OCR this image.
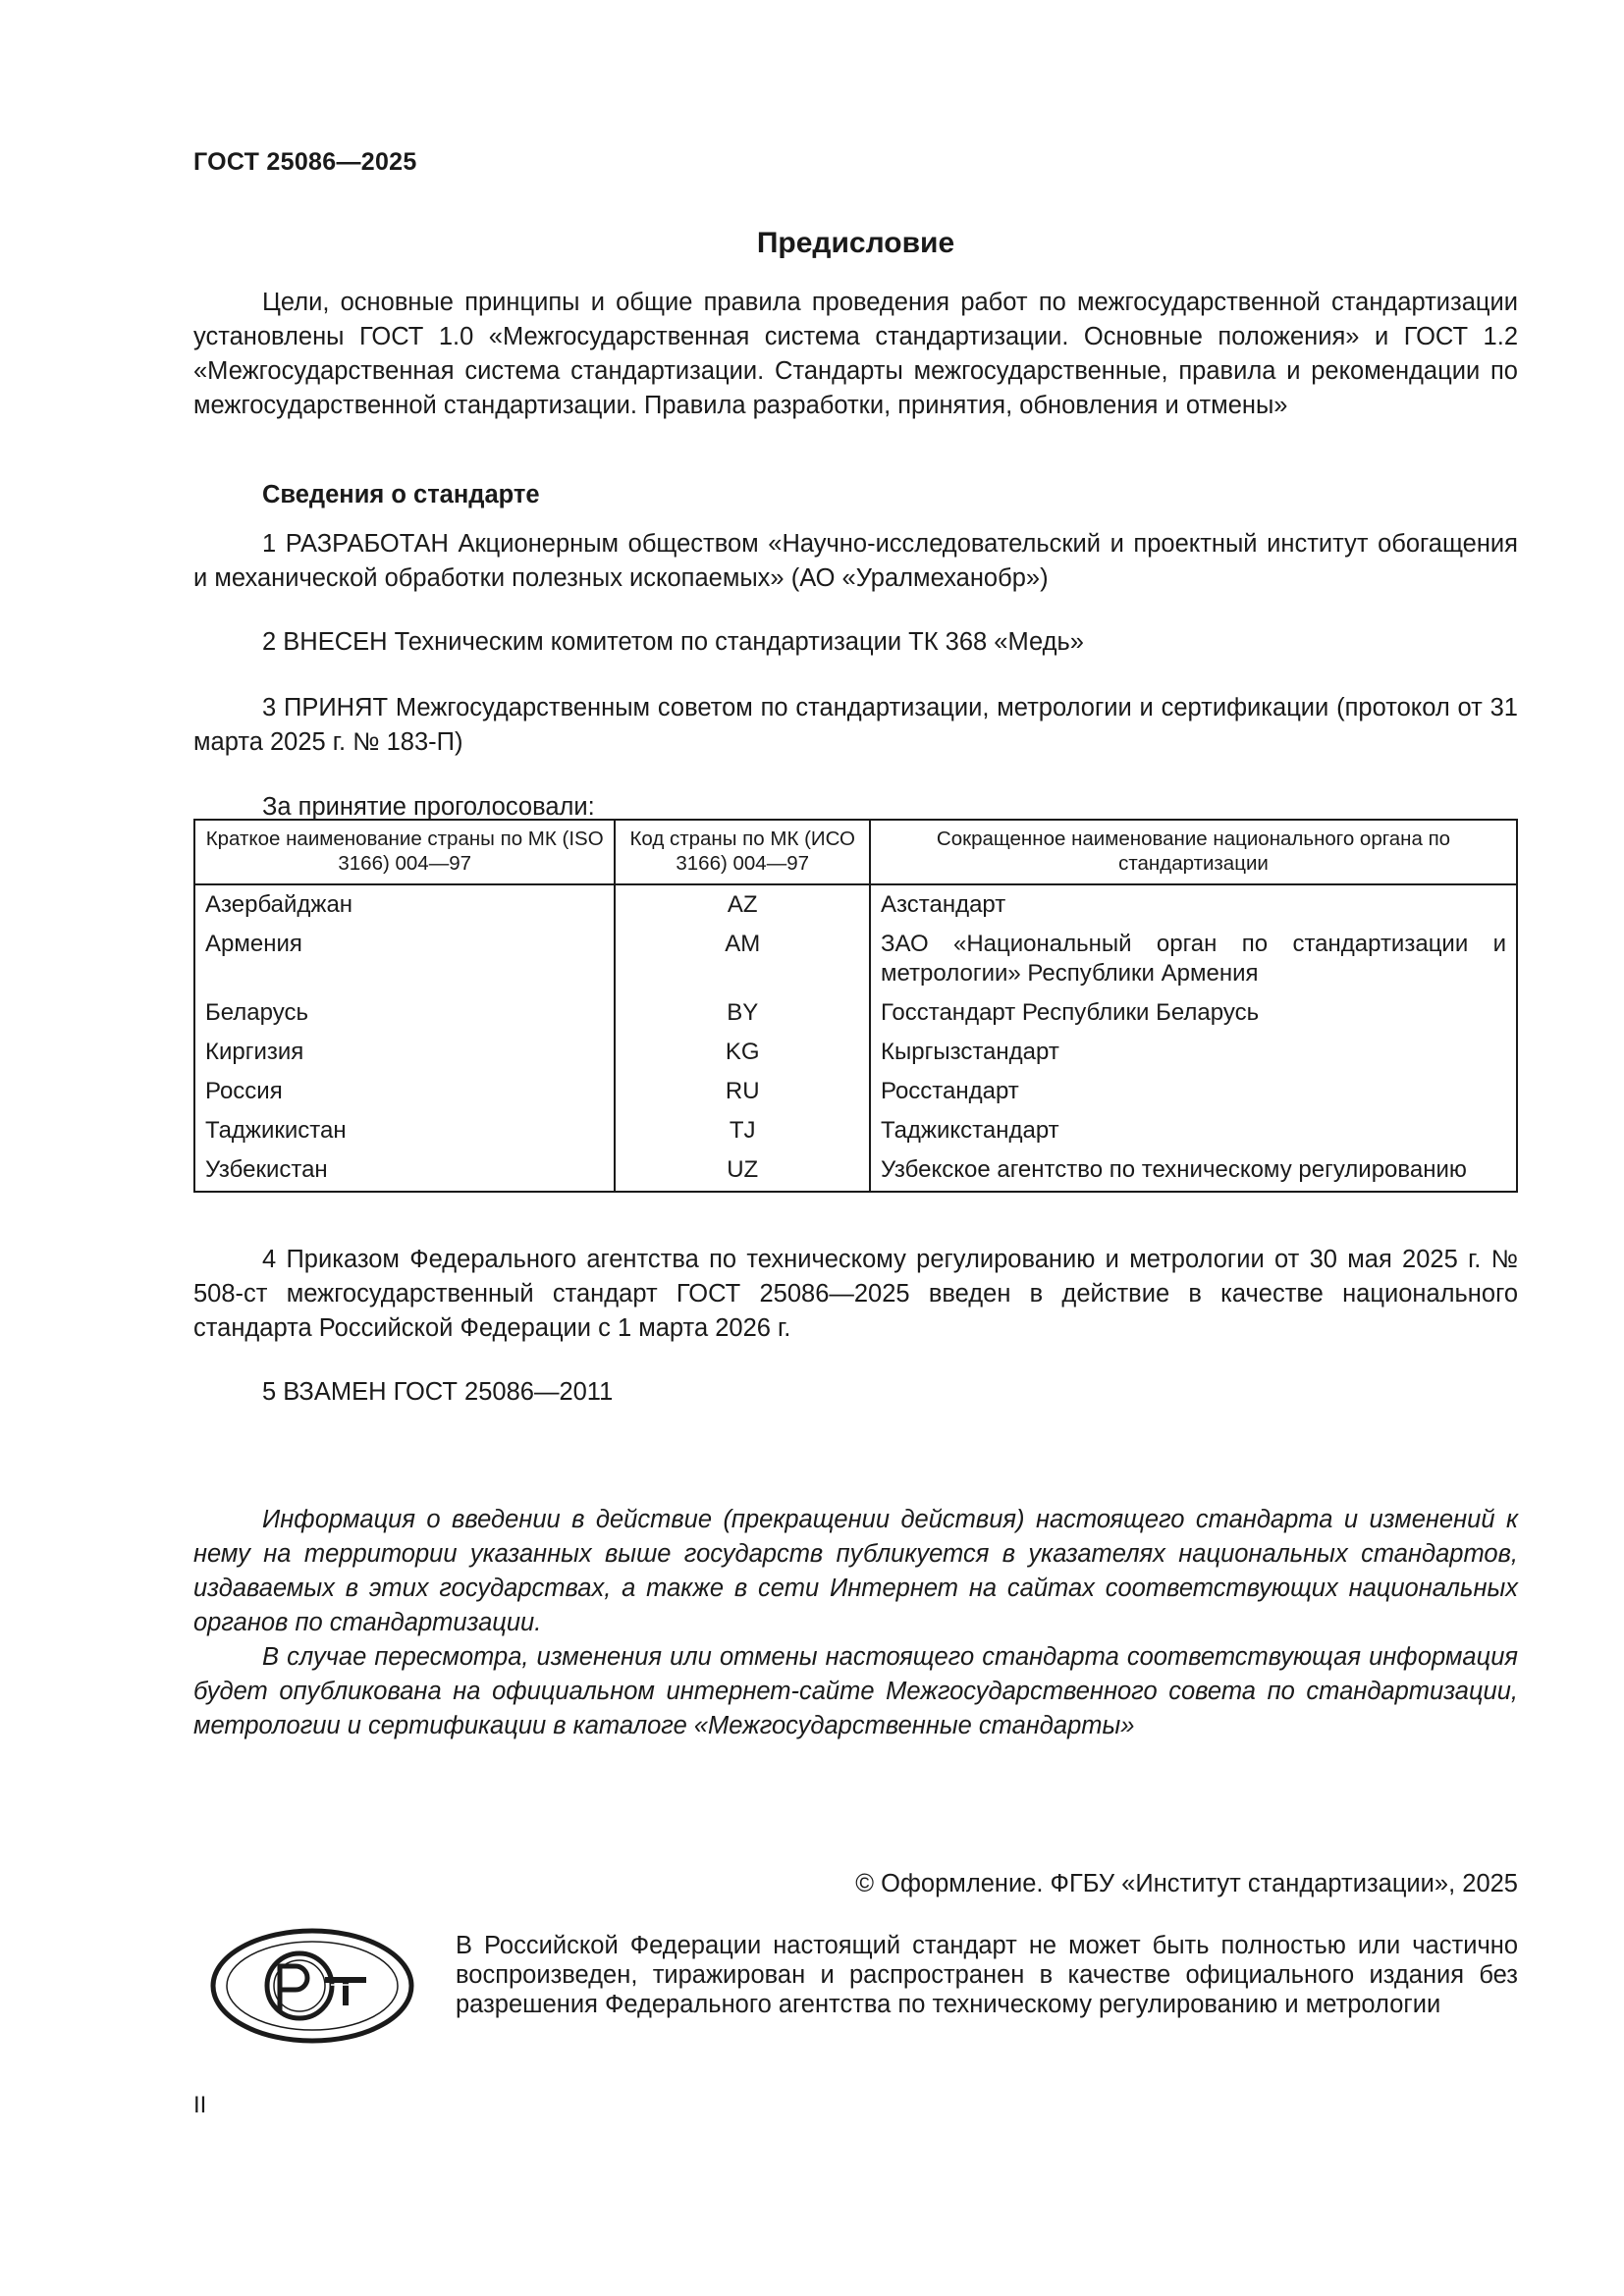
ГОСТ 25086—2025
Предисловие
Цели, основные принципы и общие правила проведения работ по межгосударственной стандартизации установлены ГОСТ 1.0 «Межгосударственная система стандартизации. Основные положения» и ГОСТ 1.2 «Межгосударственная система стандартизации. Стандарты межгосударственные, правила и рекомендации по межгосударственной стандартизации. Правила разработки, принятия, обновления и отмены»
Сведения о стандарте
1 РАЗРАБОТАН Акционерным обществом «Научно-исследовательский и проектный институт обогащения и механической обработки полезных ископаемых» (АО «Уралмеханобр»)
2 ВНЕСЕН Техническим комитетом по стандартизации ТК 368 «Медь»
3 ПРИНЯТ Межгосударственным советом по стандартизации, метрологии и сертификации (протокол от 31 марта 2025 г. № 183-П)
За принятие проголосовали:
Краткое наименование страны по МК (ISO 3166) 004—97	Код страны по МК (ИСО 3166) 004—97	Сокращенное наименование национального органа по стандартизации
Азербайджан	AZ	Азстандарт
Армения	AM	ЗАО «Национальный орган по стандартизации и метрологии» Республики Армения
Беларусь	BY	Госстандарт Республики Беларусь
Киргизия	KG	Кыргызстандарт
Россия	RU	Росстандарт
Таджикистан	TJ	Таджикстандарт
Узбекистан	UZ	Узбекское агентство по техническому регулированию
4 Приказом Федерального агентства по техническому регулированию и метрологии от 30 мая 2025 г. № 508-ст межгосударственный стандарт ГОСТ 25086—2025 введен в действие в качестве национального стандарта Российской Федерации с 1 марта 2026 г.
5 ВЗАМЕН ГОСТ 25086—2011
Информация о введении в действие (прекращении действия) настоящего стандарта и изменений к нему на территории указанных выше государств публикуется в указателях национальных стандартов, издаваемых в этих государствах, а также в сети Интернет на сайтах соответствующих национальных органов по стандартизации.
В случае пересмотра, изменения или отмены настоящего стандарта соответствующая информация будет опубликована на официальном интернет-сайте Межгосударственного совета по стандартизации, метрологии и сертификации в каталоге «Межгосударственные стандарты»
© Оформление. ФГБУ «Институт стандартизации», 2025
В Российской Федерации настоящий стандарт не может быть полностью или частично воспроизведен, тиражирован и распространен в качестве официального издания без разрешения Федерального агентства по техническому регулированию и метрологии
II
